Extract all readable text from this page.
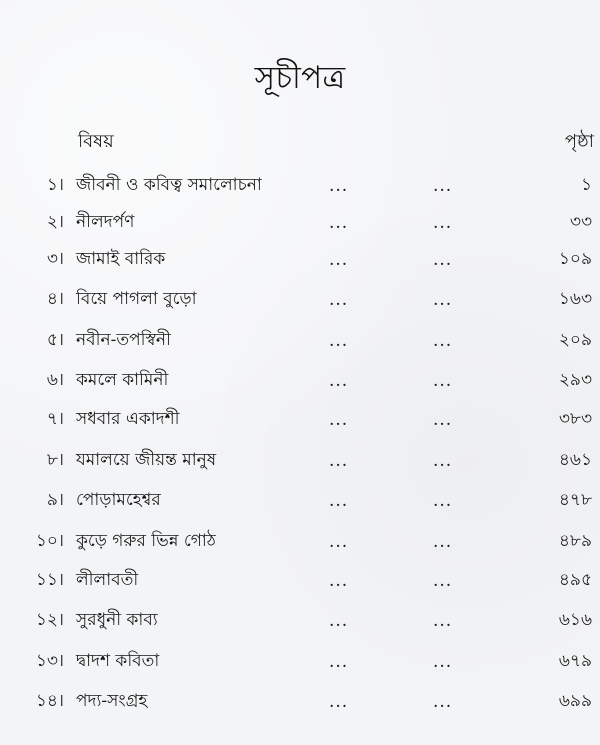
সূচীপত্র
বিষয়	পৃষ্ঠা
১। জীবনী ও কবিত্ব সমালোচনা	...	...	১
২। নীলদর্পণ	...	...	৩৩
৩। জামাই বারিক	...	...	১০৯
৪। বিয়ে পাগলা বুড়ো	...	...	১৬৩
৫। নবীন-তপস্বিনী	...	...	২০৯
৬। কমলে কামিনী	...	...	২৯৩
৭। সধবার একাদশী	...	...	৩৮৩
৮। যমালয়ে জীয়ন্ত মানুষ	...	...	৪৬১
৯। পোড়ামহেশ্বর	...	...	৪৭৮
১০। কুড়ে গরুর ভিন্ন গোঠ	...	...	৪৮৯
১১। লীলাবতী	...	...	৪৯৫
১২। সুরধুনী কাব্য	...	...	৬১৬
১৩। দ্বাদশ কবিতা	...	...	৬৭৯
১৪। পদ্য-সংগ্রহ	...	...	৬৯৯
